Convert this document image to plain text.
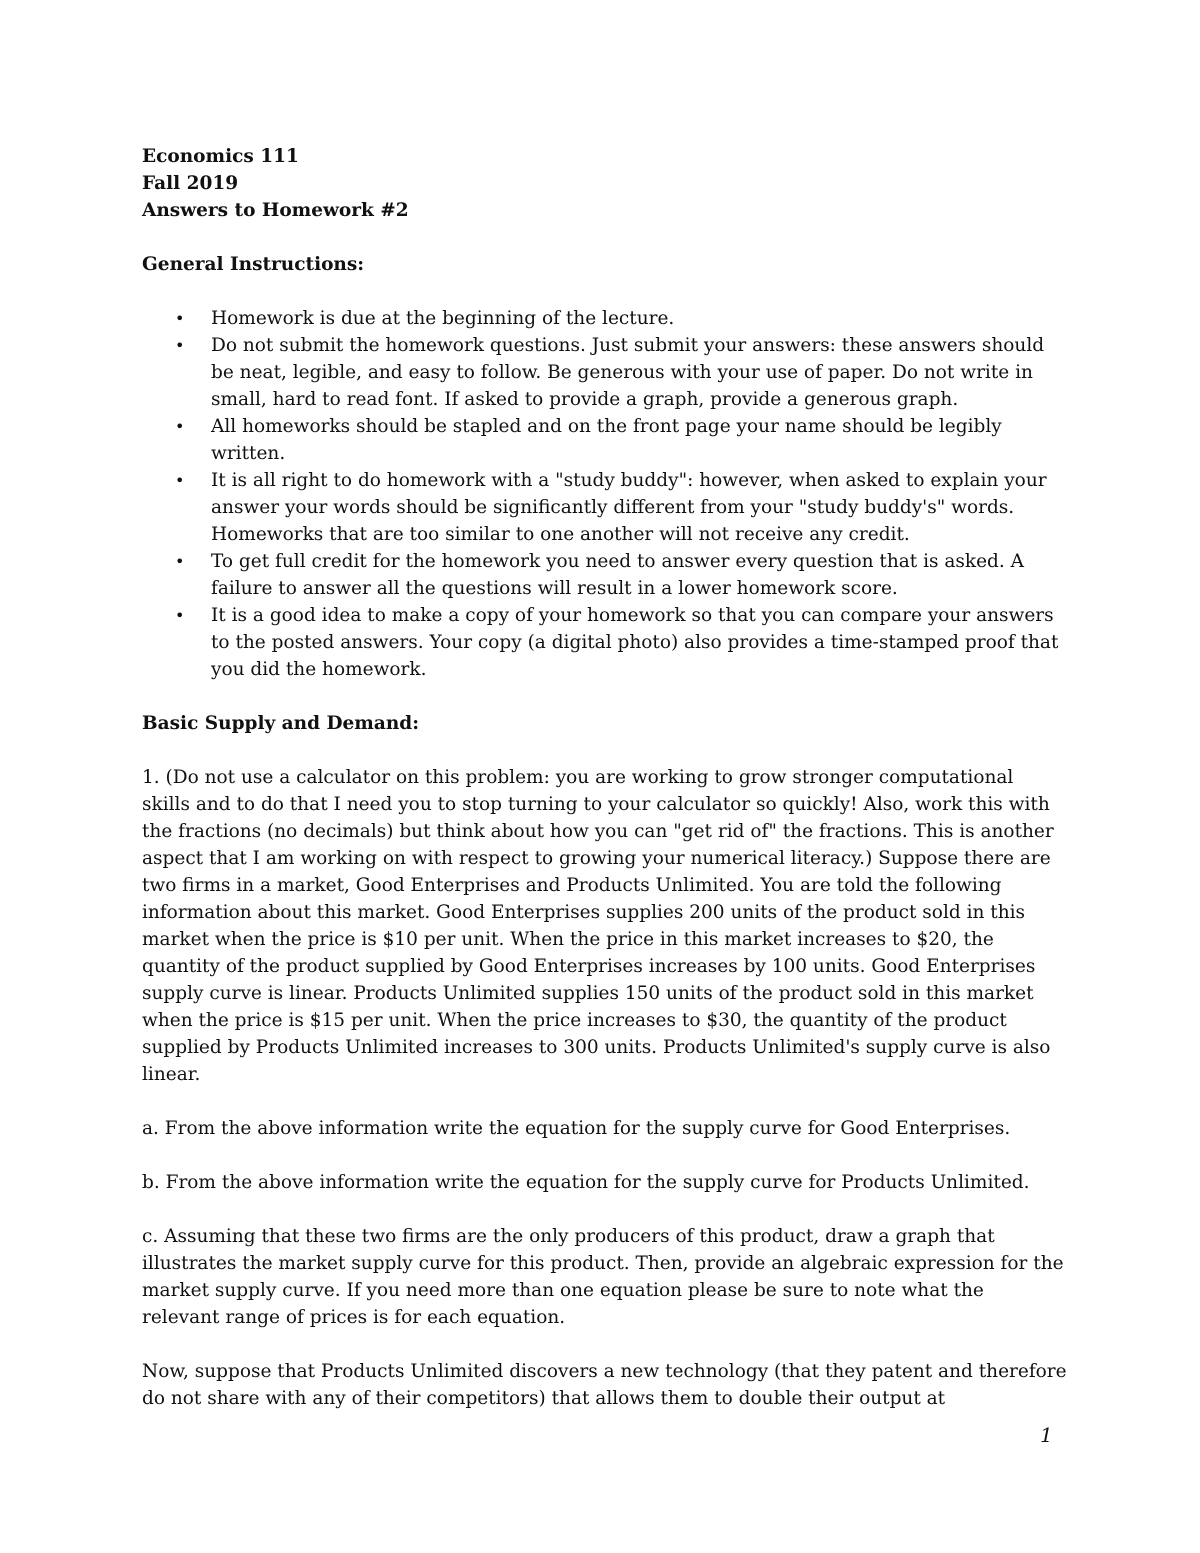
Economics 111
Fall 2019
Answers to Homework #2
General Instructions:
• Homework is due at the beginning of the lecture.
• Do not submit the homework questions. Just submit your answers: these answers should be neat, legible, and easy to follow. Be generous with your use of paper. Do not write in small, hard to read font. If asked to provide a graph, provide a generous graph.
• All homeworks should be stapled and on the front page your name should be legibly written.
• It is all right to do homework with a "study buddy": however, when asked to explain your answer your words should be significantly different from your "study buddy's" words. Homeworks that are too similar to one another will not receive any credit.
• To get full credit for the homework you need to answer every question that is asked. A failure to answer all the questions will result in a lower homework score.
• It is a good idea to make a copy of your homework so that you can compare your answers to the posted answers. Your copy (a digital photo) also provides a time-stamped proof that you did the homework.
Basic Supply and Demand:

1. (Do not use a calculator on this problem: you are working to grow stronger computational skills and to do that I need you to stop turning to your calculator so quickly! Also, work this with the fractions (no decimals) but think about how you can "get rid of" the fractions. This is another aspect that I am working on with respect to growing your numerical literacy.) Suppose there are two firms in a market, Good Enterprises and Products Unlimited. You are told the following information about this market. Good Enterprises supplies 200 units of the product sold in this market when the price is $10 per unit. When the price in this market increases to $20, the quantity of the product supplied by Good Enterprises increases by 100 units. Good Enterprises supply curve is linear. Products Unlimited supplies 150 units of the product sold in this market when the price is $15 per unit. When the price increases to $30, the quantity of the product supplied by Products Unlimited increases to 300 units. Products Unlimited's supply curve is also linear.

a. From the above information write the equation for the supply curve for Good Enterprises.

b. From the above information write the equation for the supply curve for Products Unlimited.

c. Assuming that these two firms are the only producers of this product, draw a graph that illustrates the market supply curve for this product. Then, provide an algebraic expression for the market supply curve. If you need more than one equation please be sure to note what the relevant range of prices is for each equation.

Now, suppose that Products Unlimited discovers a new technology (that they patent and therefore do not share with any of their competitors) that allows them to double their output at

1
